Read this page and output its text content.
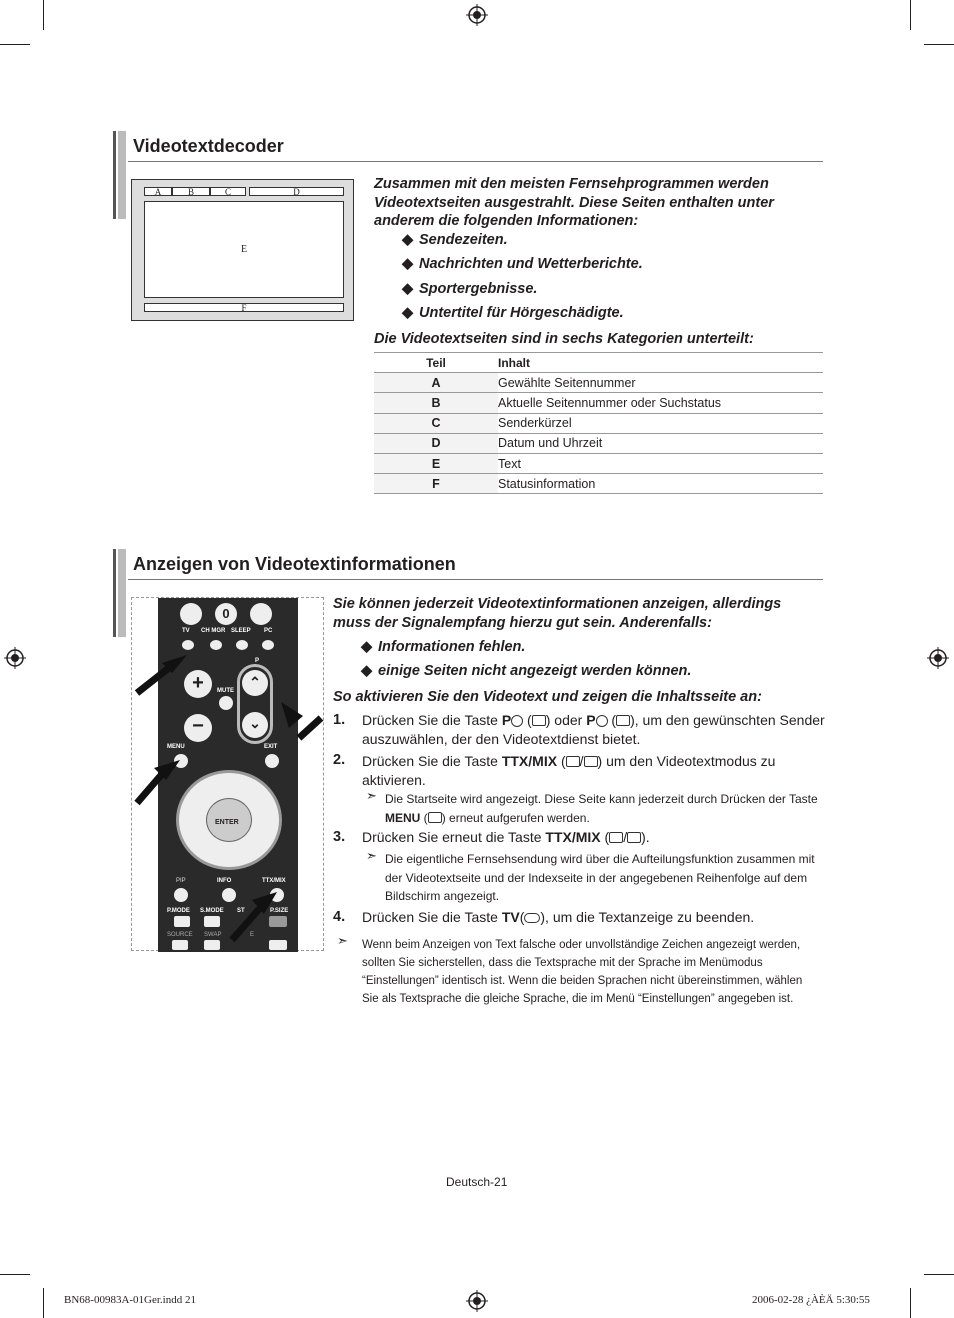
Videotextdecoder
A	B	C	D
E
F
Zusammen mit den meisten Fernsehprogrammen werden Videotextseiten ausgestrahlt. Diese Seiten enthalten unter anderem die folgenden Informationen:
◆ Sendezeiten.
◆ Nachrichten und Wetterberichte.
◆ Sportergebnisse.
◆ Untertitel für Hörgeschädigte.
Die Videotextseiten sind in sechs Kategorien unterteilt:
Teil	Inhalt
A	Gewählte Seitennummer
B	Aktuelle Seitennummer oder Suchstatus
C	Senderkürzel
D	Datum und Uhrzeit
E	Text
F	Statusinformation
Anzeigen von Videotextinformationen
0
TV CH MGR SLEEP PC
+
−
MUTE
P
⌃
⌄
MENU	EXIT
ENTER
PIP	INFO	TTX/MIX
P.MODE S.MODE ST	P.SIZE
SOURCE SWAP	E
Sie können jederzeit Videotextinformationen anzeigen, allerdings muss der Signalempfang hierzu gut sein. Anderenfalls:
◆ Informationen fehlen.
◆ einige Seiten nicht angezeigt werden können.
So aktivieren Sie den Videotext und zeigen die Inhaltsseite an:
1. Drücken Sie die Taste P ( ) oder P ( ), um den gewünschten Sender auszuwählen, der den Videotextdienst bietet.
2. Drücken Sie die Taste TTX/MIX ( / ) um den Videotextmodus zu aktivieren.
➣ Die Startseite wird angezeigt. Diese Seite kann jederzeit durch Drücken der Taste MENU ( ) erneut aufgerufen werden.
3. Drücken Sie erneut die Taste TTX/MIX ( / ).
➣ Die eigentliche Fernsehsendung wird über die Aufteilungsfunktion zusammen mit der Videotextseite und der Indexseite in der angegebenen Reihenfolge auf dem Bildschirm angezeigt.
4. Drücken Sie die Taste TV( ), um die Textanzeige zu beenden.
➣ Wenn beim Anzeigen von Text falsche oder unvollständige Zeichen angezeigt werden, sollten Sie sicherstellen, dass die Textsprache mit der Sprache im Menümodus “Einstellungen” identisch ist. Wenn die beiden Sprachen nicht übereinstimmen, wählen Sie als Textsprache die gleiche Sprache, die im Menü “Einstellungen” angegeben ist.
Deutsch-21
BN68-00983A-01Ger.indd 21	2006-02-28 ¿ÀÈÄ 5:30:55
